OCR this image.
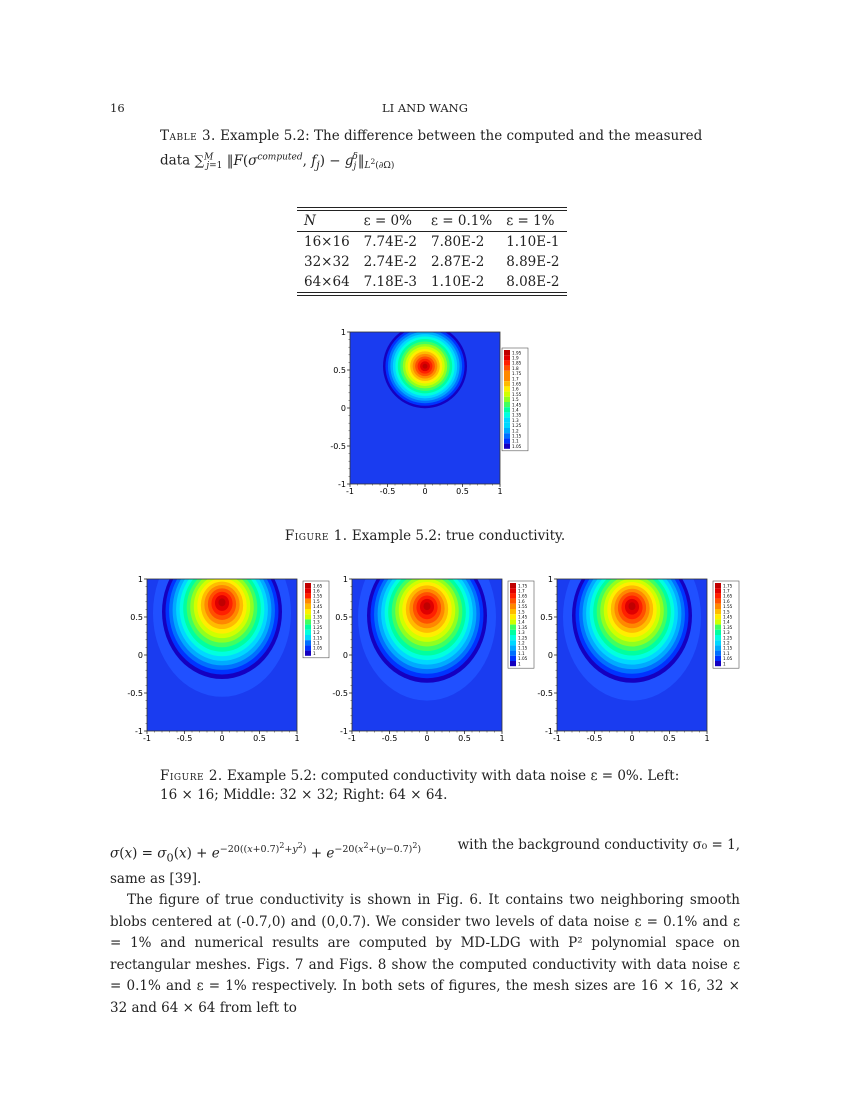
16	LI AND WANG
Table 3. Example 5.2: The difference between the computed and the measured
data ∑$^M_{j=1}$ $‖F(\sigma^{computed}$, $f_j$) − $g_j^\delta‖_{L^2(\partial\Omega)}$
N	ε = 0%	ε = 0.1%	ε = 1%
16×16	7.74E-2	7.80E-2	1.10E-1
32×32	2.74E-2	2.87E-2	8.89E-2
64×64	7.18E-3	1.10E-2	8.08E-2
-1	-0.5	0	0.5	1
1
0.5
0
-0.5
-1
1.95
1.9
1.85
1.8
1.75
1.7
1.65
1.6
1.55
1.5
1.45
1.4
1.35
1.3
1.25
1.2
1.15
1.1
1.05
Figure 1. Example 5.2: true conductivity.
-1	-0.5	0	0.5	1
1
0.5
0
-0.5
-1
1.65
1.6
1.55
1.5
1.45
1.4
1.35
1.3
1.25
1.2
1.15
1.1
1.05
1
-1	-0.5	0	0.5	1
1
0.5
0
-0.5
-1
1.75
1.7
1.65
1.6
1.55
1.5
1.45
1.4
1.35
1.3
1.25
1.2
1.15
1.1
1.05
1
-1	-0.5	0	0.5	1
1
0.5
0
-0.5
-1
1.75
1.7
1.65
1.6
1.55
1.5
1.45
1.4
1.35
1.3
1.25
1.2
1.15
1.1
1.05
1
Figure 2. Example 5.2: computed conductivity with data noise ε = 0%. Left:
16 × 16; Middle: 32 × 32; Right: 64 × 64.
$\sigma(x) = \sigma_0(x) + e^{-20((x+0.7)^2+y^2)} + e^{-20(x^2+(y-0.7)^2)}$	with the background conductivity σ₀ = 1,
same as [39].
The figure of true conductivity is shown in Fig. 6. It contains two neighboring smooth blobs centered at (-0.7,0) and (0,0.7). We consider two levels of data noise ε = 0.1% and ε = 1% and numerical results are computed by MD-LDG with P² polynomial space on rectangular meshes. Figs. 7 and Figs. 8 show the computed conductivity with data noise ε = 0.1% and ε = 1% respectively. In both sets of figures, the mesh sizes are 16 × 16, 32 × 32 and 64 × 64 from left to
